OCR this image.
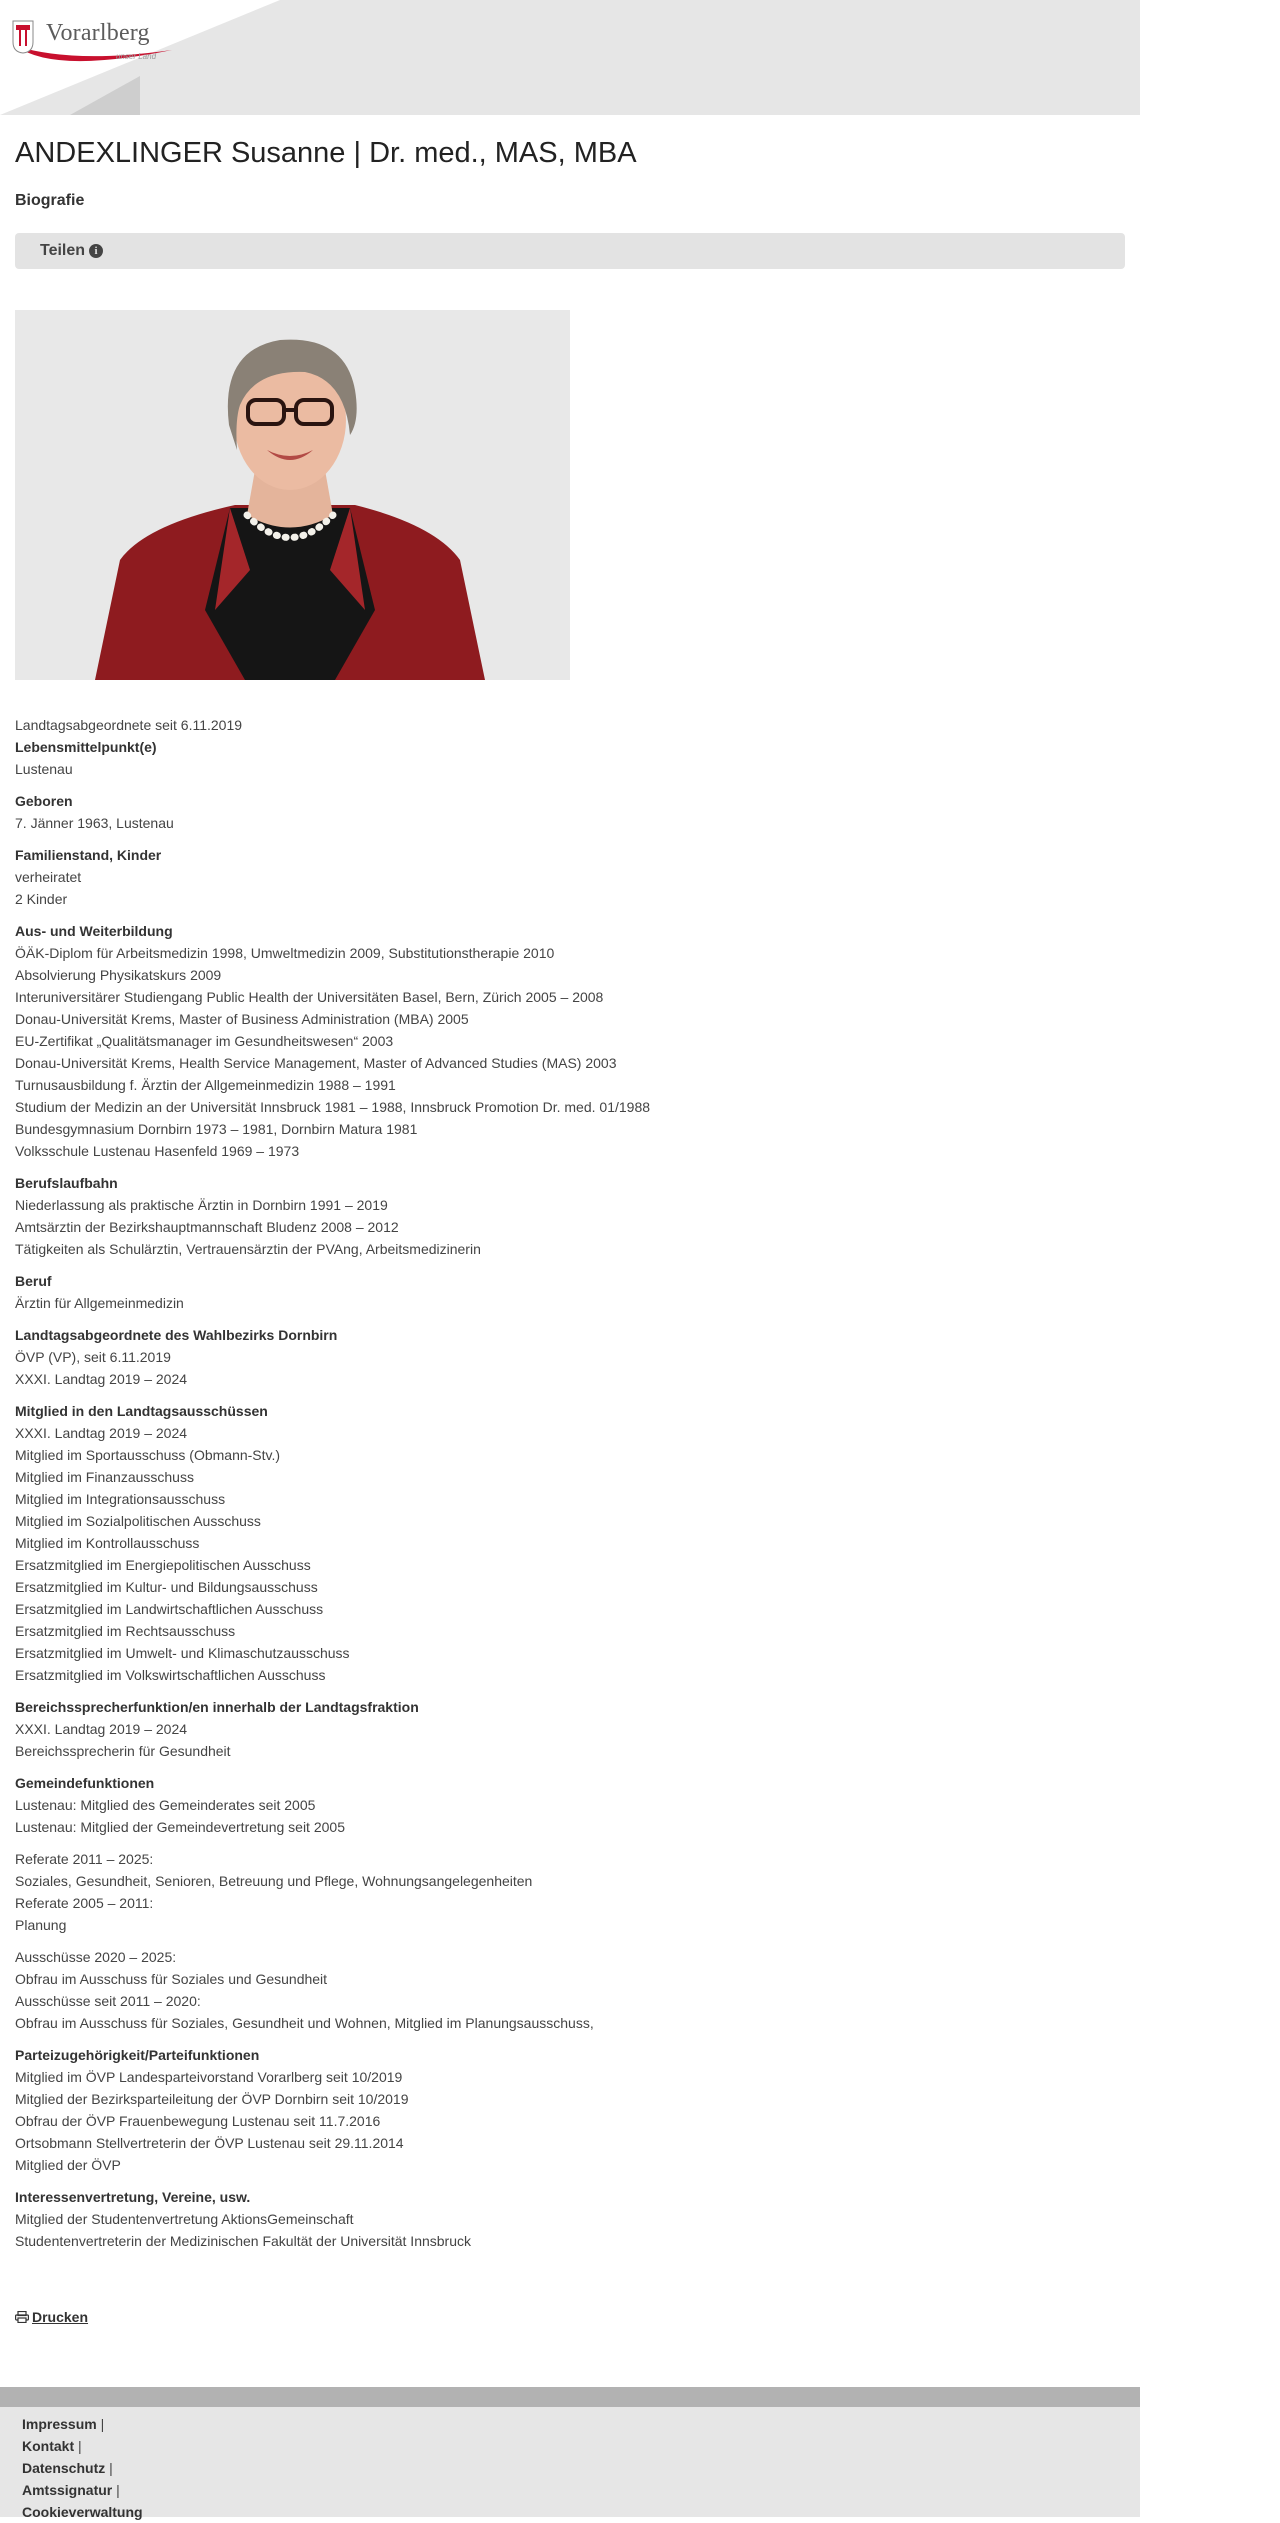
Vorarlberg
unser Land
ANDEXLINGER Susanne | Dr. med., MAS, MBA
Biografie
Teilen i

Landtagsabgeordnete seit 6.11.2019

Lebensmittelpunkt(e)
Lustenau
Geboren
7. Jänner 1963, Lustenau
Familienstand, Kinder
verheiratet
2 Kinder
Aus- und Weiterbildung
ÖÄK-Diplom für Arbeitsmedizin 1998, Umweltmedizin 2009, Substitutionstherapie 2010
Absolvierung Physikatskurs 2009
Interuniversitärer Studiengang Public Health der Universitäten Basel, Bern, Zürich 2005 – 2008
Donau-Universität Krems, Master of Business Administration (MBA) 2005
EU-Zertifikat „Qualitätsmanager im Gesundheitswesen“ 2003
Donau-Universität Krems, Health Service Management, Master of Advanced Studies (MAS) 2003
Turnusausbildung f. Ärztin der Allgemeinmedizin 1988 – 1991
Studium der Medizin an der Universität Innsbruck 1981 – 1988, Innsbruck Promotion Dr. med. 01/1988
Bundesgymnasium Dornbirn 1973 – 1981, Dornbirn Matura 1981
Volksschule Lustenau Hasenfeld 1969 – 1973
Berufslaufbahn
Niederlassung als praktische Ärztin in Dornbirn 1991 – 2019
Amtsärztin der Bezirkshauptmannschaft Bludenz 2008 – 2012
Tätigkeiten als Schulärztin, Vertrauensärztin der PVAng, Arbeitsmedizinerin
Beruf
Ärztin für Allgemeinmedizin
Landtagsabgeordnete des Wahlbezirks Dornbirn
ÖVP (VP), seit 6.11.2019
XXXI. Landtag 2019 – 2024
Mitglied in den Landtagsausschüssen
XXXI. Landtag 2019 – 2024
Mitglied im Sportausschuss (Obmann-Stv.)
Mitglied im Finanzausschuss
Mitglied im Integrationsausschuss
Mitglied im Sozialpolitischen Ausschuss
Mitglied im Kontrollausschuss
Ersatzmitglied im Energiepolitischen Ausschuss
Ersatzmitglied im Kultur- und Bildungsausschuss
Ersatzmitglied im Landwirtschaftlichen Ausschuss
Ersatzmitglied im Rechtsausschuss
Ersatzmitglied im Umwelt- und Klimaschutzausschuss
Ersatzmitglied im Volkswirtschaftlichen Ausschuss
Bereichssprecherfunktion/en innerhalb der Landtagsfraktion
XXXI. Landtag 2019 – 2024
Bereichssprecherin für Gesundheit
Gemeindefunktionen
Lustenau: Mitglied des Gemeinderates seit 2005
Lustenau: Mitglied der Gemeindevertretung seit 2005
Referate 2011 – 2025:
Soziales, Gesundheit, Senioren, Betreuung und Pflege, Wohnungsangelegenheiten
Referate 2005 – 2011:
Planung
Ausschüsse 2020 – 2025:
Obfrau im Ausschuss für Soziales und Gesundheit
Ausschüsse seit 2011 – 2020:
Obfrau im Ausschuss für Soziales, Gesundheit und Wohnen, Mitglied im Planungsausschuss,
Parteizugehörigkeit/Parteifunktionen
Mitglied im ÖVP Landesparteivorstand Vorarlberg seit 10/2019
Mitglied der Bezirksparteileitung der ÖVP Dornbirn seit 10/2019
Obfrau der ÖVP Frauenbewegung Lustenau seit 11.7.2016
Ortsobmann Stellvertreterin der ÖVP Lustenau seit 29.11.2014
Mitglied der ÖVP
Interessenvertretung, Vereine, usw.
Mitglied der Studentenvertretung AktionsGemeinschaft
Studentenvertreterin der Medizinischen Fakultät der Universität Innsbruck
Drucken
Impressum |
Kontakt |
Datenschutz |
Amtssignatur |
Cookieverwaltung
